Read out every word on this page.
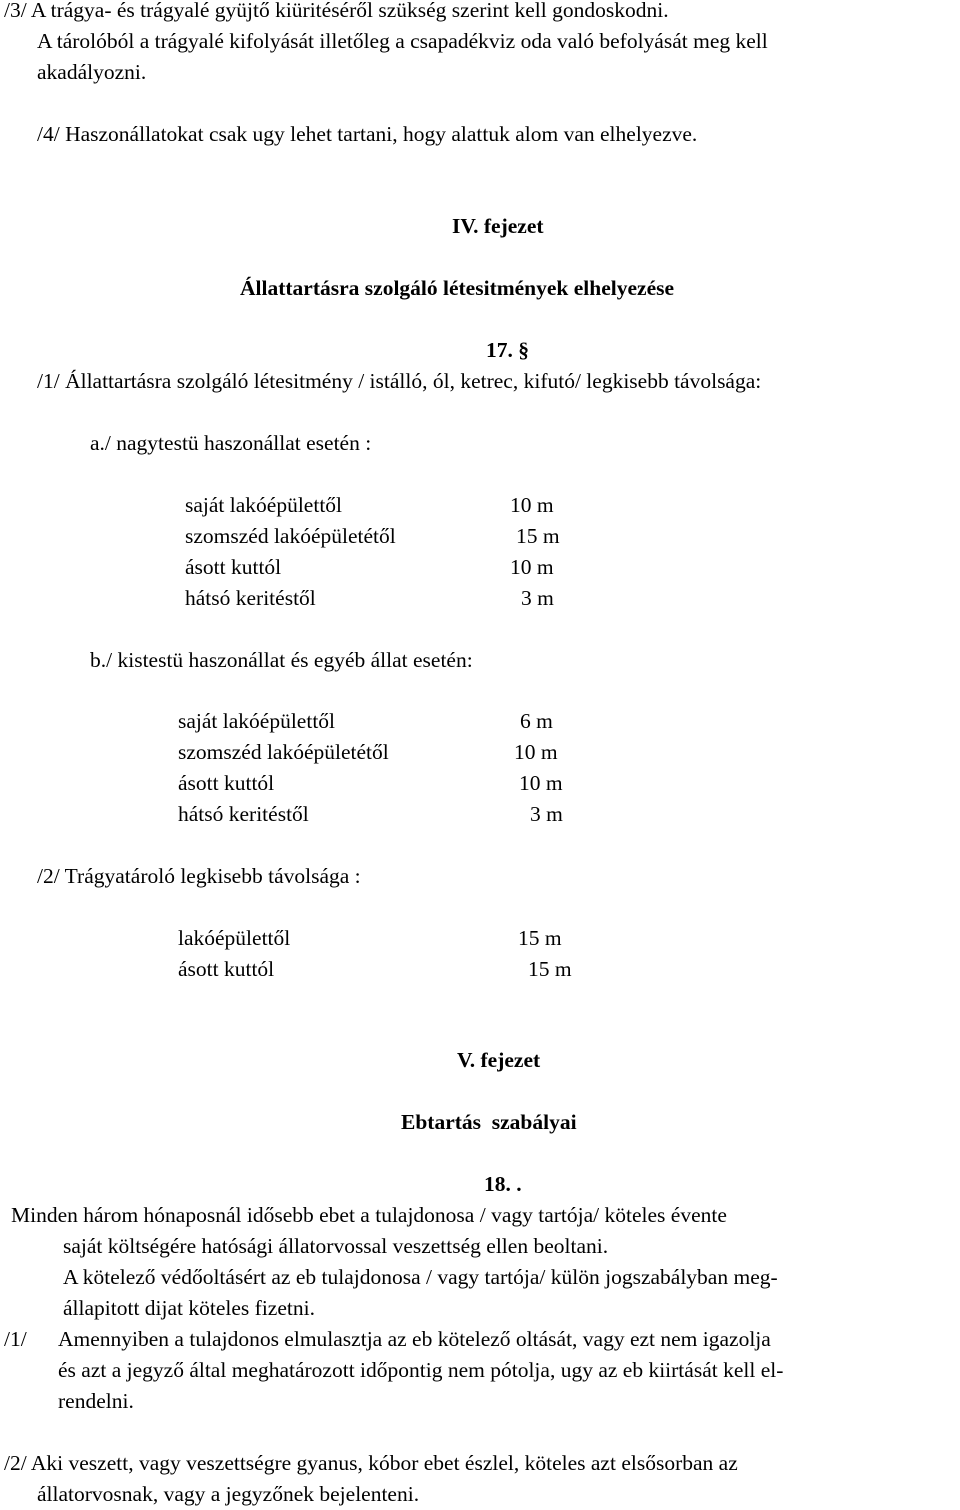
/3/ A trágya- és trágyalé gyüjtő kiüritéséről szükség szerint kell gondoskodni.

A tárolóból a trágyalé kifolyását illetőleg a csapadékviz oda való befolyását meg kell

akadályozni.

/4/ Haszonállatokat csak ugy lehet tartani, hogy alattuk alom van elhelyezve.

IV. fejezet

Állattartásra szolgáló létesitmények elhelyezése

17. §

/1/ Állattartásra szolgáló létesitmény / istálló, ól, ketrec, kifutó/ legkisebb távolsága:

a./ nagytestü haszonállat esetén :

saját lakóépülettől	10 m

szomszéd lakóépületétől	15 m

ásott kuttól	10 m

hátsó keritéstől	3 m

b./ kistestü haszonállat és egyéb állat esetén:

saját lakóépülettől	6 m

szomszéd lakóépületétől	10 m

ásott kuttól	10 m

hátsó keritéstől	3 m

/2/ Trágyatároló legkisebb távolsága :

lakóépülettől	15 m

ásott kuttól	15 m

V. fejezet

Ebtartás  szabályai

18. .

Minden három hónaposnál idősebb ebet a tulajdonosa / vagy tartója/ köteles évente

saját költségére hatósági állatorvossal veszettség ellen beoltani.

A kötelező védőoltásért az eb tulajdonosa / vagy tartója/ külön jogszabályban meg-

állapitott dijat köteles fizetni.

/1/ Amennyiben a tulajdonos elmulasztja az eb kötelező oltását, vagy ezt nem igazolja

és azt a jegyző által meghatározott időpontig nem pótolja, ugy az eb kiirtását kell el-

rendelni.

/2/ Aki veszett, vagy veszettségre gyanus, kóbor ebet észlel, köteles azt elsősorban az

állatorvosnak, vagy a jegyzőnek bejelenteni.
